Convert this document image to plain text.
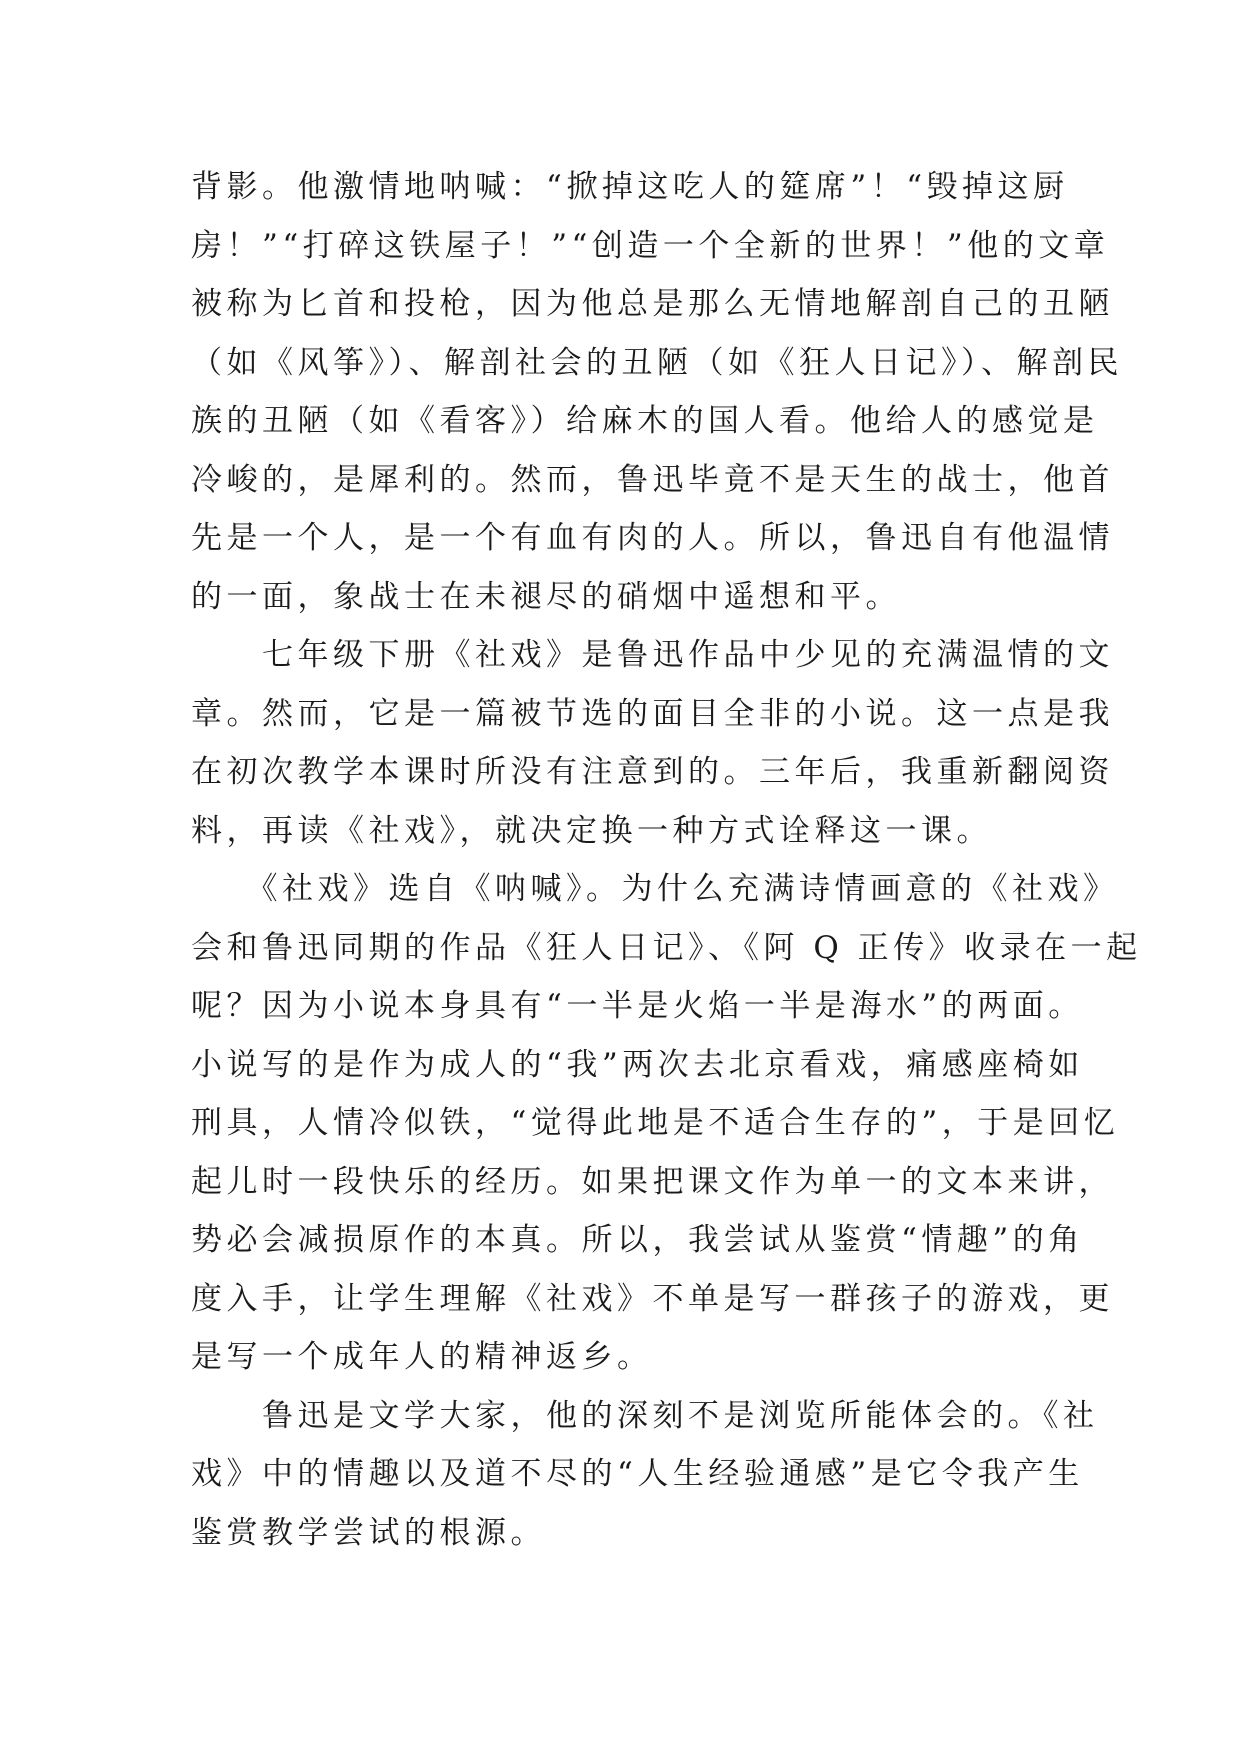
背影。他激情地呐喊：“掀掉这吃人的筵席”！“毁掉这厨
房！”“打碎这铁屋子！”“创造一个全新的世界！”他的文章
被称为匕首和投枪，因为他总是那么无情地解剖自己的丑陋
（如《风筝》）、解剖社会的丑陋（如《狂人日记》）、解剖民
族的丑陋（如《看客》）给麻木的国人看。他给人的感觉是
冷峻的，是犀利的。然而，鲁迅毕竟不是天生的战士，他首
先是一个人，是一个有血有肉的人。所以，鲁迅自有他温情
的一面，象战士在未褪尽的硝烟中遥想和平。
　　七年级下册《社戏》是鲁迅作品中少见的充满温情的文
章。然而，它是一篇被节选的面目全非的小说。这一点是我
在初次教学本课时所没有注意到的。三年后，我重新翻阅资
料，再读《社戏》，就决定换一种方式诠释这一课。
　　《社戏》选自《呐喊》。为什么充满诗情画意的《社戏》
会和鲁迅同期的作品《狂人日记》、《阿 Q 正传》收录在一起
呢？因为小说本身具有“一半是火焰一半是海水”的两面。
小说写的是作为成人的“我”两次去北京看戏，痛感座椅如
刑具，人情冷似铁，“觉得此地是不适合生存的”，于是回忆
起儿时一段快乐的经历。如果把课文作为单一的文本来讲，
势必会减损原作的本真。所以，我尝试从鉴赏“情趣”的角
度入手，让学生理解《社戏》不单是写一群孩子的游戏，更
是写一个成年人的精神返乡。
　　鲁迅是文学大家，他的深刻不是浏览所能体会的。《社
戏》中的情趣以及道不尽的“人生经验通感”是它令我产生
鉴赏教学尝试的根源。
